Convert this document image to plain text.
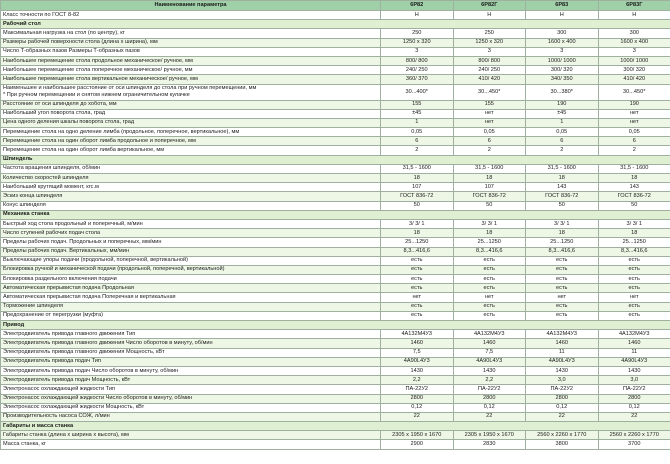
Наименование параметра	6Р82	6Р82Г	6Р83	6Р83Г
Класс точности по ГОСТ 8-82	Н	Н	Н	Н
Рабочий стол				
Максимальная нагрузка на стол (по центру), кг	250	250	300	300
Размеры рабочей поверхности стола (длина х ширина), мм	1250 х 320	1250 х 320	1600 х 400	1600 х 400
Число Т-образных пазов Размеры Т-образных пазов	3	3	3	3
Наибольшее перемещение стола продольное механическое/ ручное, мм	800/ 800	800/ 800	1000/ 1000	1000/ 1000
Наибольшее перемещение стола поперечное механическое/ ручное, мм	240/ 250	240/ 250	300/ 320	300/ 320
Наибольшее перемещение стола вертикальное механическое/ ручное, мм	360/ 370	410/ 420	340/ 350	410/ 420
Наименьшее и наибольшее расстояние от оси шпинделя до стола при ручном перемещении, мм
* При ручном перемещении и снятом нижнем ограничительном кулачке	30...400*	30...450*	30...380*	30...450*
Расстояние от оси шпинделя до хобота, мм	155	155	190	190
Наибольший угол поворота стола, град	±45	нет	±45	нет
Цена одного деления шкалы поворота стола, град	1	нет	1	нет
Перемещение стола на одно деление лимба (продольное, поперечное, вертикальное), мм	0,05	0,05	0,05	0,05
Перемещение стола на один оборот лимба продольное и поперечное, мм	6	6	6	6
Перемещение стола на один оборот лимба вертикальное, мм	2	2	2	2
Шпиндель				
Частота вращения шпинделя, об/мин	31,5 - 1600	31,5 - 1600	31,5 - 1600	31,5 - 1600
Количество скоростей шпинделя	18	18	18	18
Наибольший крутящий момент, кгс.м	107	107	143	143
Эскиз конца шпинделя	ГОСТ 836-72	ГОСТ 836-72	ГОСТ 836-72	ГОСТ 836-72
Конус шпинделя	50	50	50	50
Механика станка				
Быстрый ход стола продольный и поперечный, м/мин	3/ 3/ 1	3/ 3/ 1	3/ 3/ 1	3/ 3/ 1
Число ступеней рабочих подач стола	18	18	18	18
Пределы рабочих подач. Продольных и поперечных, мм/мин	25...1250	25...1250	25...1250	25...1250
Пределы рабочих подач. Вертикальных, мм/мин	8,3...416,6	8,3...416,6	8,3...416,6	8,3...416,6
Выключающие упоры подачи (продольной, поперечной, вертикальной)	есть	есть	есть	есть
Блокировка ручной и механической подачи (продольной, поперечной, вертикальной)	есть	есть	есть	есть
Блокировка раздельного включения подачи	есть	есть	есть	есть
Автоматическая прерывистая подача Продольная	есть	есть	есть	есть
Автоматическая прерывистая подача Поперечная и вертикальная	нет	нет	нет	нет
Торможение шпинделя	есть	есть	есть	есть
Предохранение от перегрузки (муфта)	есть	есть	есть	есть
Привод				
Электродвигатель привода главного движения Тип	4А132М4У3	4А132М4У3	4А132М4У3	4А132М4У3
Электродвигатель привода главного движения Число оборотов в минуту, об/мин	1460	1460	1460	1460
Электродвигатель привода главного движения Мощность, кВт	7,5	7,5	11	11
Электродвигатель привода подач Тип	4А90L4У3	4А90L4У3	4А90L4У3	4А90L4У3
Электродвигатель привода подач Число оборотов в минуту, об/мин	1430	1430	1430	1430
Электродвигатель привода подач Мощность, кВт	2,2	2,2	3,0	3,0
Электронасос охлаждающей жидкости Тип	ПА-22У2	ПА-22У2	ПА-22У2	ПА-22У2
Электронасос охлаждающей жидкости Число оборотов в минуту, об/мин	2800	2800	2800	2800
Электронасос охлаждающей жидкости Мощность, кВт	0,12	0,12	0,12	0,12
Производительность насоса СОЖ, л/мин	22	22	22	22
Габариты и масса станка				
Габариты станка (длина х ширина х высота), мм	2305 х 1950 х 1670	2305 х 1950 х 1670	2560 х 2260 х 1770	2560 х 2260 х 1770
Масса станка, кг	2900	2830	3800	3700
